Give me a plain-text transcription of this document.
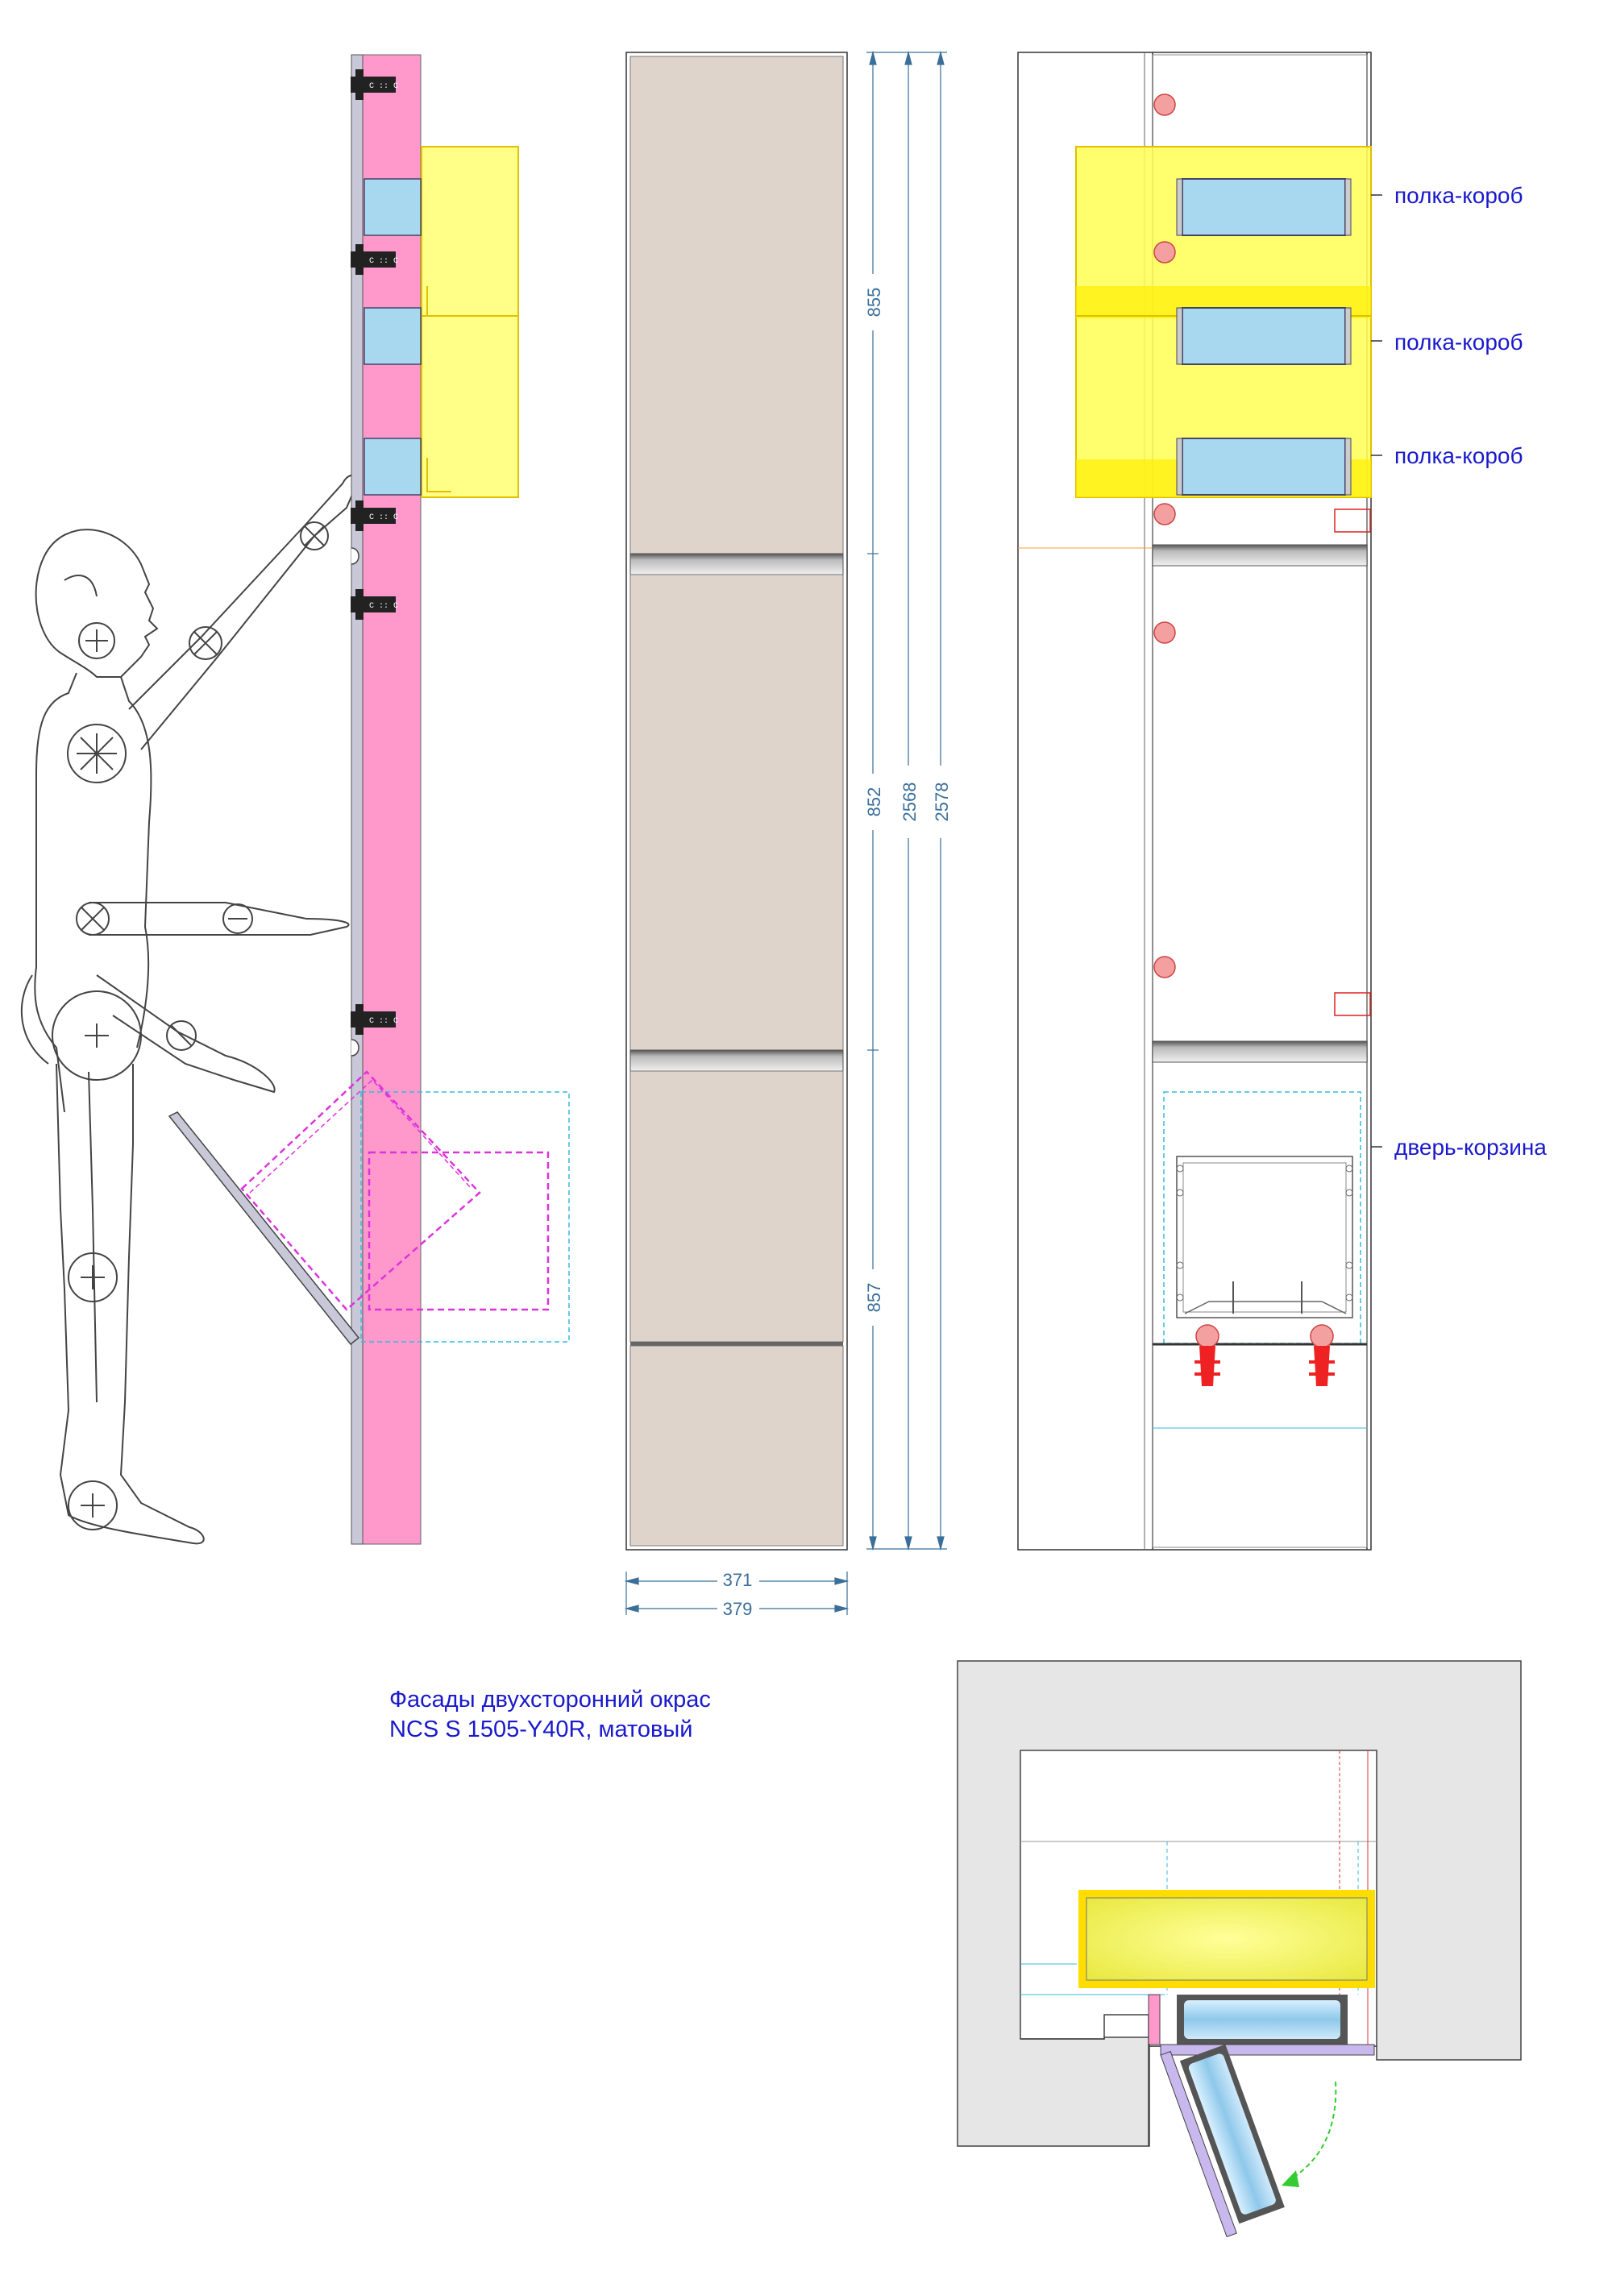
C :: C
C :: C
C :: C
C :: C
C :: C
855
852
857
2568 2578
371
379
полка-короб
полка-короб
полка-короб
дверь-корзина
Фасады двухсторонний окрас
NCS S 1505-Y40R, матовый
